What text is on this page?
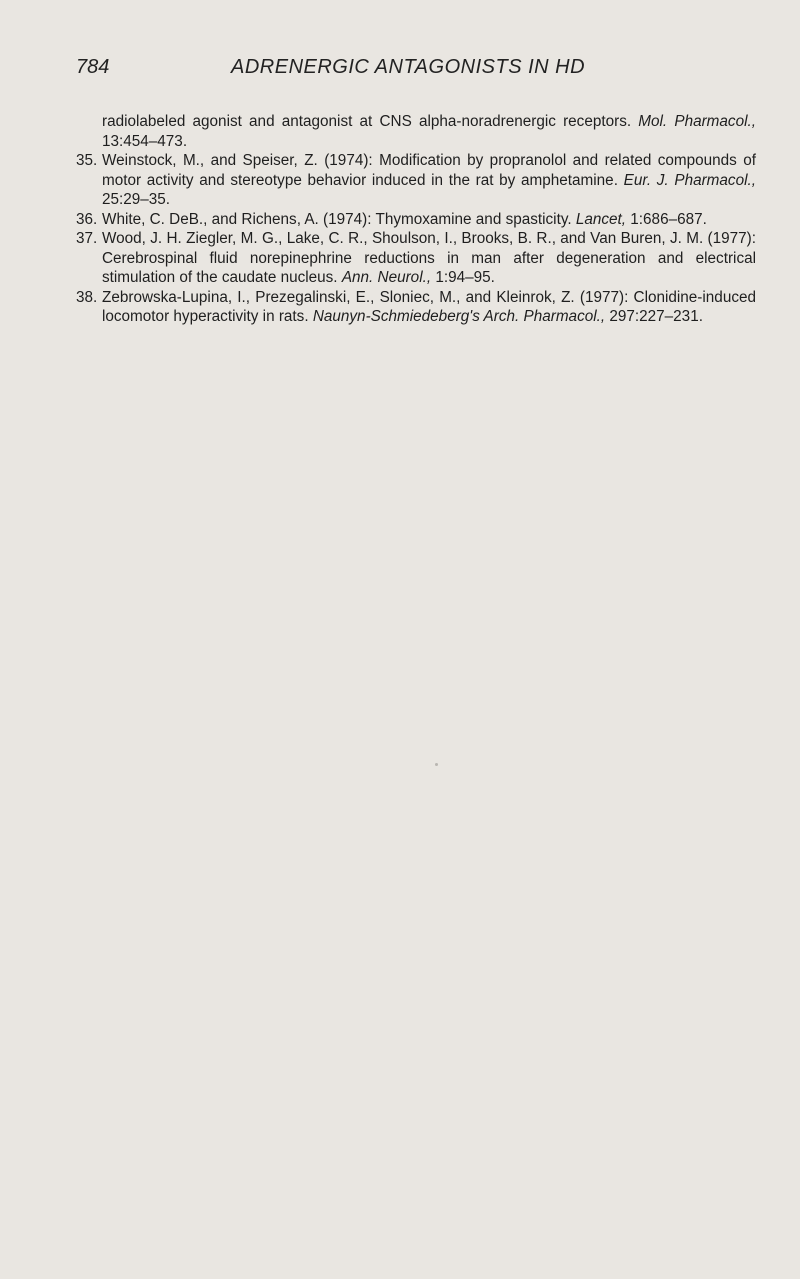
784	ADRENERGIC ANTAGONISTS IN HD
radiolabeled agonist and antagonist at CNS alpha-noradrenergic receptors. Mol. Pharmacol., 13:454–473.
35. Weinstock, M., and Speiser, Z. (1974): Modification by propranolol and related compounds of motor activity and stereotype behavior induced in the rat by amphetamine. Eur. J. Pharmacol., 25:29–35.
36. White, C. DeB., and Richens, A. (1974): Thymoxamine and spasticity. Lancet, 1:686–687.
37. Wood, J. H. Ziegler, M. G., Lake, C. R., Shoulson, I., Brooks, B. R., and Van Buren, J. M. (1977): Cerebrospinal fluid norepinephrine reductions in man after degeneration and electrical stimulation of the caudate nucleus. Ann. Neurol., 1:94–95.
38. Zebrowska-Lupina, I., Prezegalinski, E., Sloniec, M., and Kleinrok, Z. (1977): Clonidine-induced locomotor hyperactivity in rats. Naunyn-Schmiedeberg's Arch. Pharmacol., 297:227–231.
